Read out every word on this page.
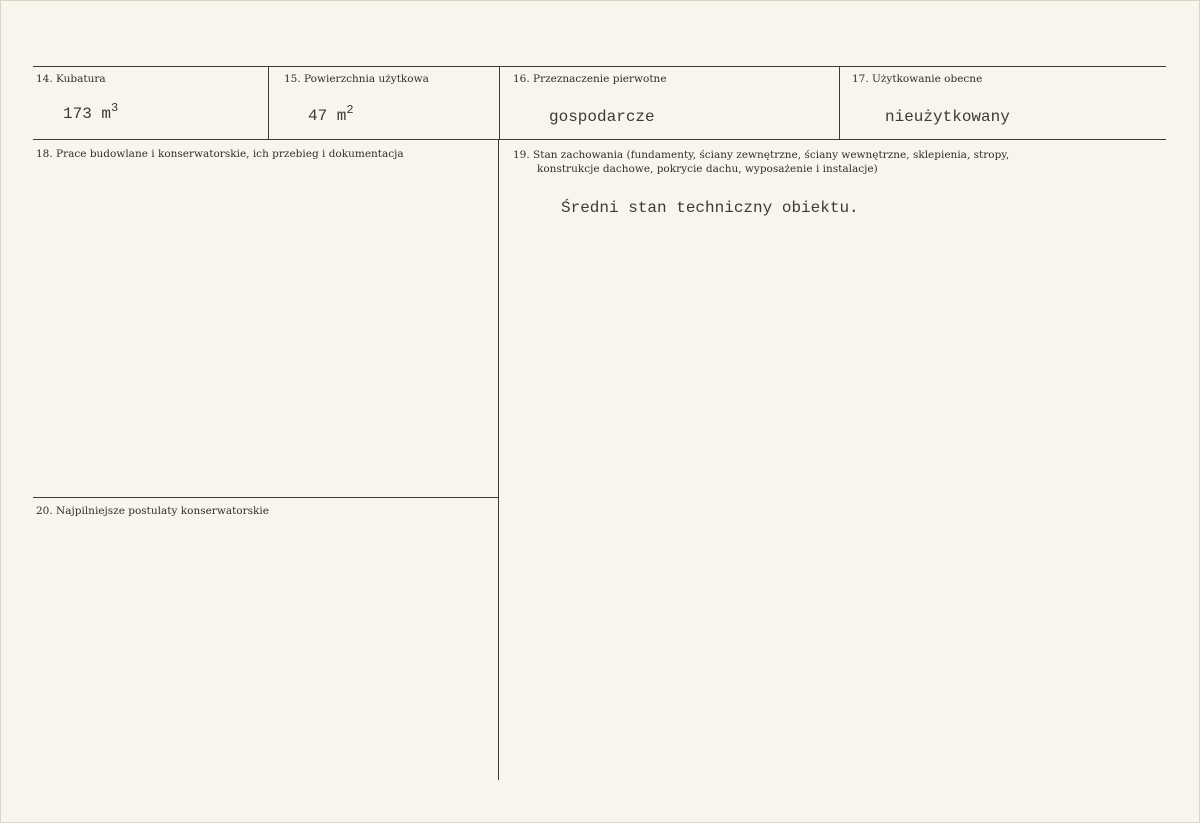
14. Kubatura
173 $m^3$
15. Powierzchnia użytkowa
47 $m^2$
16. Przeznaczenie pierwotne
gospodarcze
17. Użytkowanie obecne
nieużytkowany
18. Prace budowlane i konserwatorskie, ich przebieg i dokumentacja	19. Stan zachowania (fundamenty, ściany zewnętrzne, ściany wewnętrzne, sklepienia, stropy,
konstrukcje dachowe, pokrycie dachu, wyposażenie i instalacje)
Średni stan techniczny obiektu.
20. Najpilniejsze postulaty konserwatorskie
